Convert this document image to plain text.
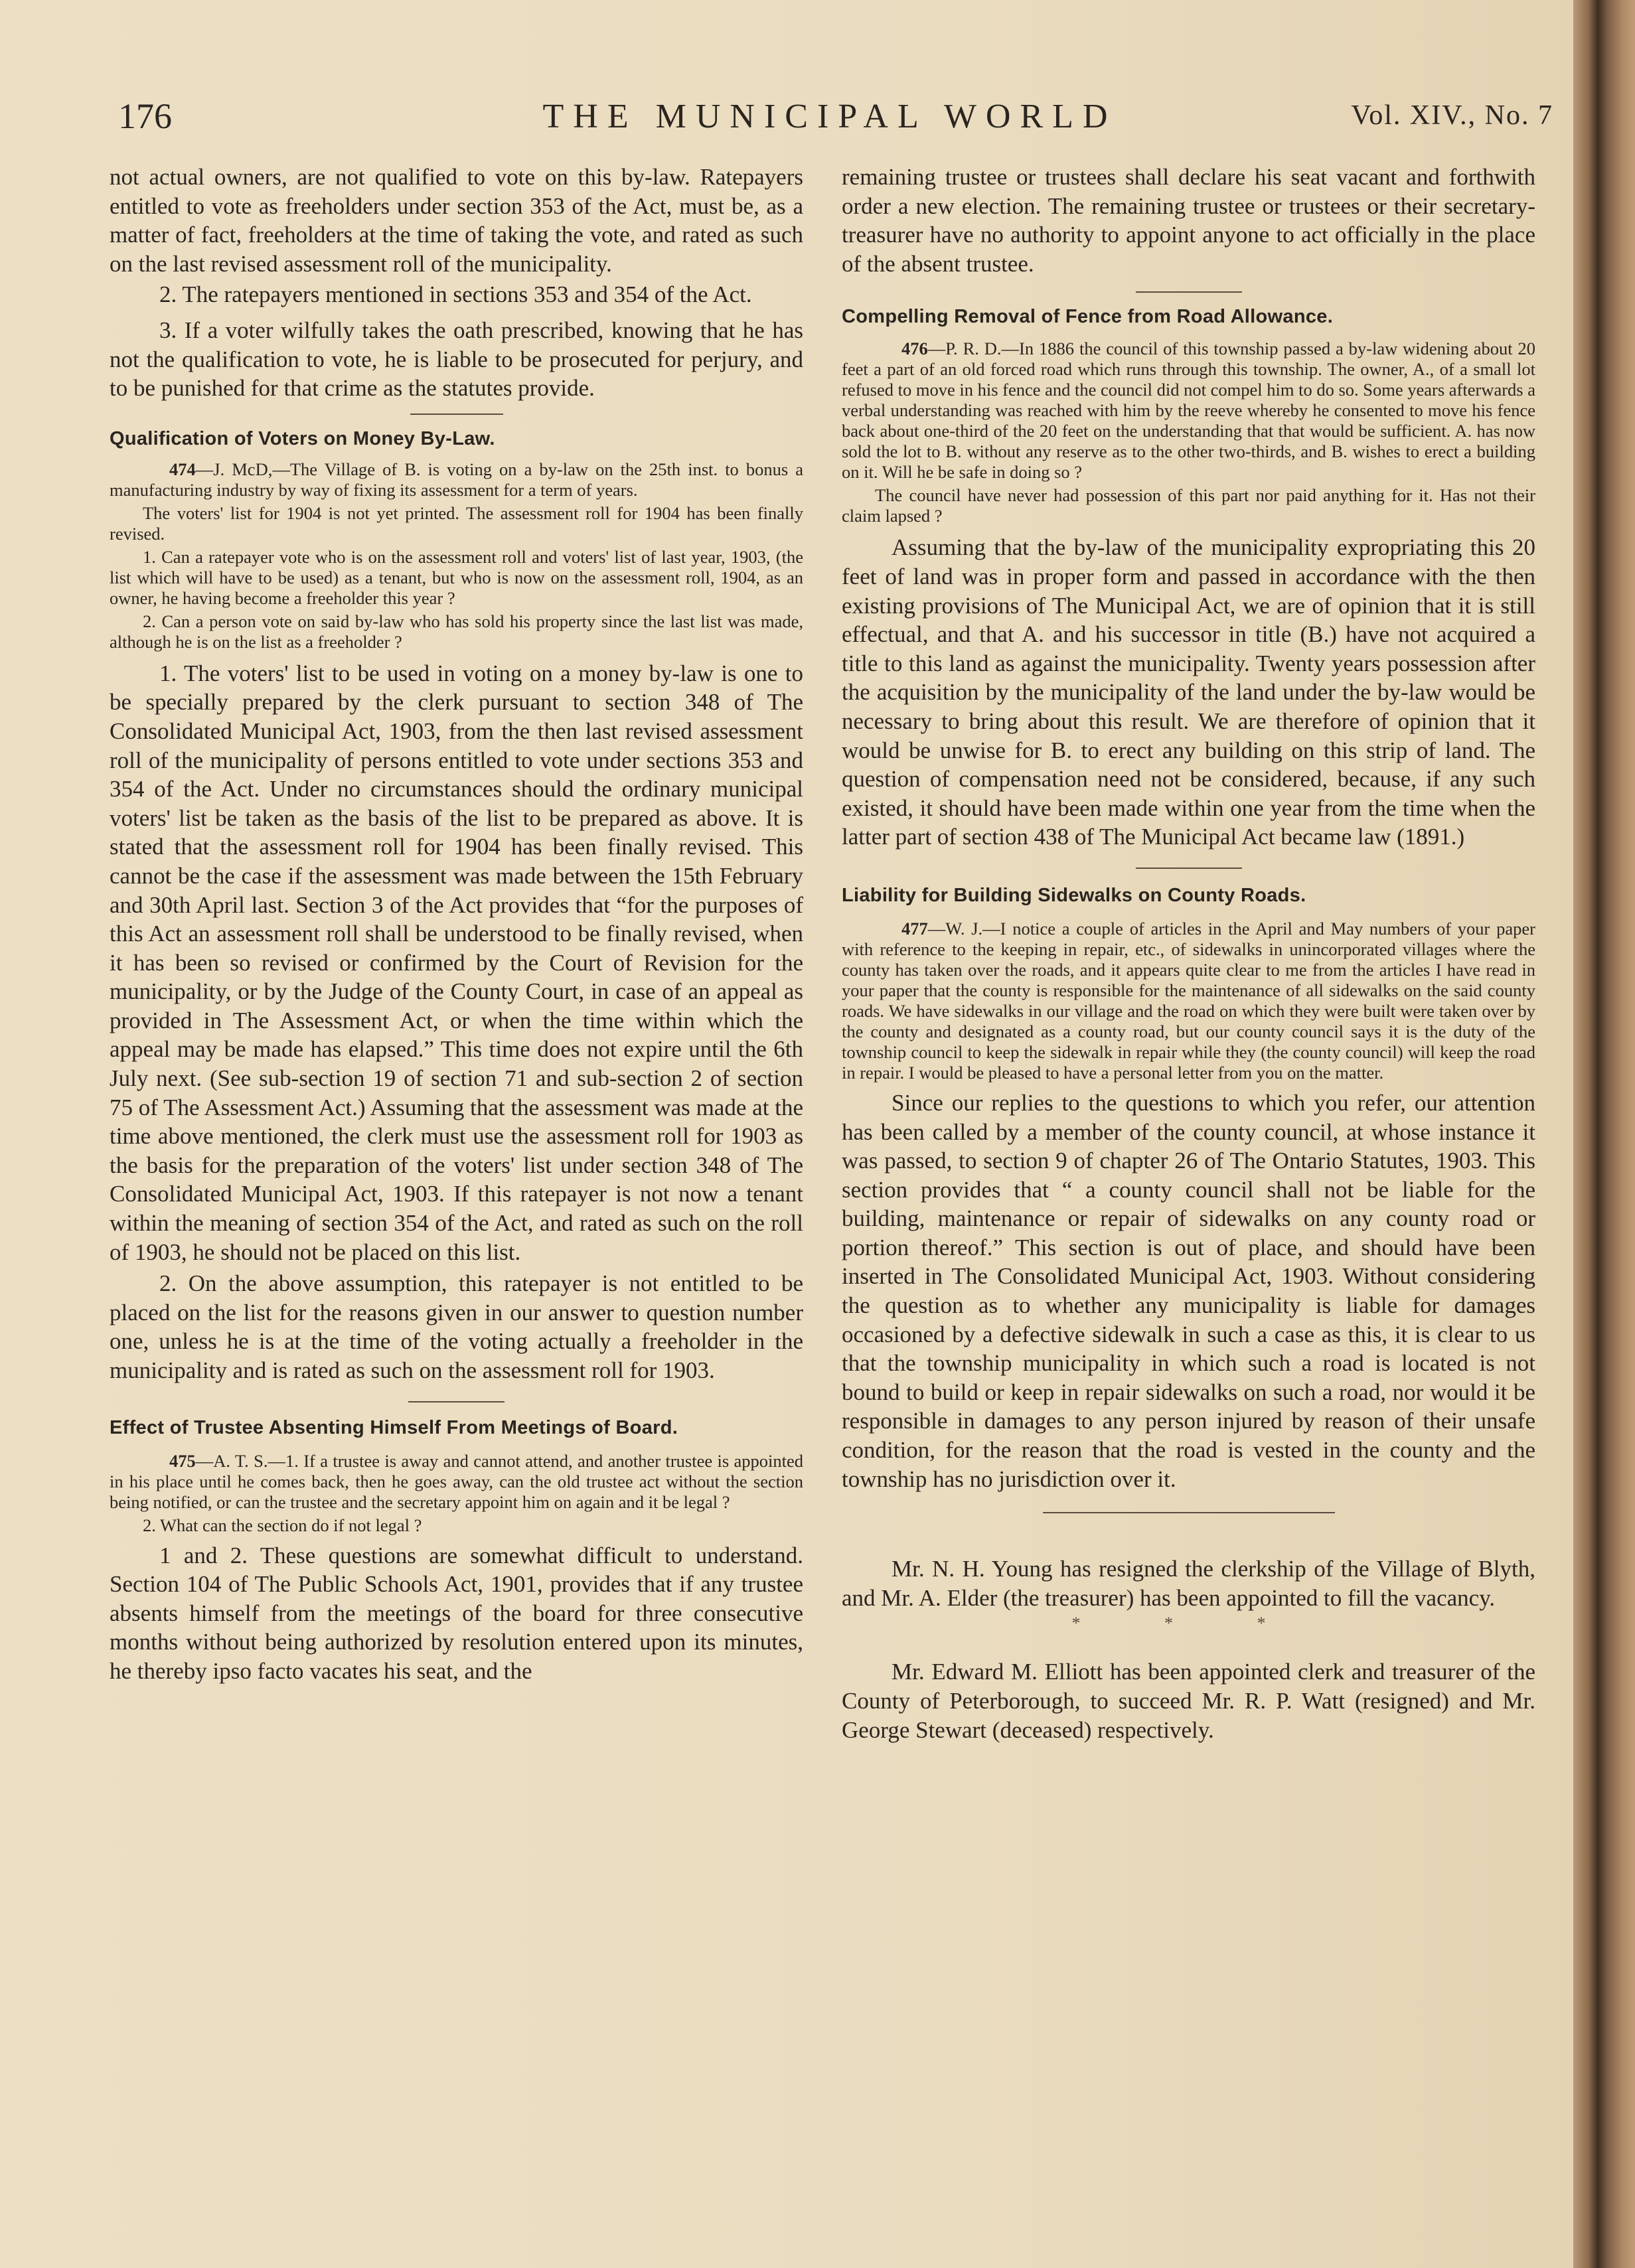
176	THE MUNICIPAL WORLD	Vol. XIV., No. 7

not actual owners, are not qualified to vote on this by-law. Ratepayers entitled to vote as freeholders under section 353 of the Act, must be, as a matter of fact, freeholders at the time of taking the vote, and rated as such on the last revised assessment roll of the municipality.

2. The ratepayers mentioned in sections 353 and 354 of the Act.

3. If a voter wilfully takes the oath prescribed, knowing that he has not the qualification to vote, he is liable to be prosecuted for perjury, and to be punished for that crime as the statutes provide.

Qualification of Voters on Money By-Law.

474—J. McD,—The Village of B. is voting on a by-law on the 25th inst. to bonus a manufacturing industry by way of fixing its assessment for a term of years.

The voters' list for 1904 is not yet printed. The assessment roll for 1904 has been finally revised.

1. Can a ratepayer vote who is on the assessment roll and voters' list of last year, 1903, (the list which will have to be used) as a tenant, but who is now on the assessment roll, 1904, as an owner, he having become a freeholder this year ?

2. Can a person vote on said by-law who has sold his property since the last list was made, although he is on the list as a freeholder ?

1. The voters' list to be used in voting on a money by-law is one to be specially prepared by the clerk pursuant to section 348 of The Consolidated Municipal Act, 1903, from the then last revised assessment roll of the municipality of persons entitled to vote under sections 353 and 354 of the Act. Under no circumstances should the ordinary municipal voters' list be taken as the basis of the list to be prepared as above. It is stated that the assessment roll for 1904 has been finally revised. This cannot be the case if the assessment was made between the 15th February and 30th April last. Section 3 of the Act provides that “for the purposes of this Act an assessment roll shall be understood to be finally revised, when it has been so revised or confirmed by the Court of Revision for the municipality, or by the Judge of the County Court, in case of an appeal as provided in The Assessment Act, or when the time within which the appeal may be made has elapsed.” This time does not expire until the 6th July next. (See sub-section 19 of section 71 and sub-section 2 of section 75 of The Assessment Act.) Assuming that the assessment was made at the time above mentioned, the clerk must use the assessment roll for 1903 as the basis for the preparation of the voters' list under section 348 of The Consolidated Municipal Act, 1903. If this ratepayer is not now a tenant within the meaning of section 354 of the Act, and rated as such on the roll of 1903, he should not be placed on this list.

2. On the above assumption, this ratepayer is not entitled to be placed on the list for the reasons given in our answer to question number one, unless he is at the time of the voting actually a freeholder in the municipality and is rated as such on the assessment roll for 1903.

Effect of Trustee Absenting Himself From Meetings of Board.

475—A. T. S.—1. If a trustee is away and cannot attend, and another trustee is appointed in his place until he comes back, then he goes away, can the old trustee act without the section being notified, or can the trustee and the secretary appoint him on again and it be legal ?

2. What can the section do if not legal ?

1 and 2. These questions are somewhat difficult to understand. Section 104 of The Public Schools Act, 1901, provides that if any trustee absents himself from the meetings of the board for three consecutive months without being authorized by resolution entered upon its minutes, he thereby ipso facto vacates his seat, and the

remaining trustee or trustees shall declare his seat vacant and forthwith order a new election. The remaining trustee or trustees or their secretary-treasurer have no authority to appoint anyone to act officially in the place of the absent trustee.

Compelling Removal of Fence from Road Allowance.

476—P. R. D.—In 1886 the council of this township passed a by-law widening about 20 feet a part of an old forced road which runs through this township. The owner, A., of a small lot refused to move in his fence and the council did not compel him to do so. Some years afterwards a verbal understanding was reached with him by the reeve whereby he consented to move his fence back about one-third of the 20 feet on the understanding that that would be sufficient. A. has now sold the lot to B. without any reserve as to the other two-thirds, and B. wishes to erect a building on it. Will he be safe in doing so ?

The council have never had possession of this part nor paid anything for it. Has not their claim lapsed ?

Assuming that the by-law of the municipality expropriating this 20 feet of land was in proper form and passed in accordance with the then existing provisions of The Municipal Act, we are of opinion that it is still effectual, and that A. and his successor in title (B.) have not acquired a title to this land as against the municipality. Twenty years possession after the acquisition by the municipality of the land under the by-law would be necessary to bring about this result. We are therefore of opinion that it would be unwise for B. to erect any building on this strip of land. The question of compensation need not be considered, because, if any such existed, it should have been made within one year from the time when the latter part of section 438 of The Municipal Act became law (1891.)

Liability for Building Sidewalks on County Roads.

477—W. J.—I notice a couple of articles in the April and May numbers of your paper with reference to the keeping in repair, etc., of sidewalks in unincorporated villages where the county has taken over the roads, and it appears quite clear to me from the articles I have read in your paper that the county is responsible for the maintenance of all sidewalks on the said county roads. We have sidewalks in our village and the road on which they were built were taken over by the county and designated as a county road, but our county council says it is the duty of the township council to keep the sidewalk in repair while they (the county council) will keep the road in repair. I would be pleased to have a personal letter from you on the matter.

Since our replies to the questions to which you refer, our attention has been called by a member of the county council, at whose instance it was passed, to section 9 of chapter 26 of The Ontario Statutes, 1903. This section provides that “ a county council shall not be liable for the building, maintenance or repair of sidewalks on any county road or portion thereof.” This section is out of place, and should have been inserted in The Consolidated Municipal Act, 1903. Without considering the question as to whether any municipality is liable for damages occasioned by a defective sidewalk in such a case as this, it is clear to us that the township municipality in which such a road is located is not bound to build or keep in repair sidewalks on such a road, nor would it be responsible in damages to any person injured by reason of their unsafe condition, for the reason that the road is vested in the county and the township has no jurisdiction over it.

Mr. N. H. Young has resigned the clerkship of the Village of Blyth, and Mr. A. Elder (the treasurer) has been appointed to fill the vacancy.

* * *

Mr. Edward M. Elliott has been appointed clerk and treasurer of the County of Peterborough, to succeed Mr. R. P. Watt (resigned) and Mr. George Stewart (deceased) respectively.
